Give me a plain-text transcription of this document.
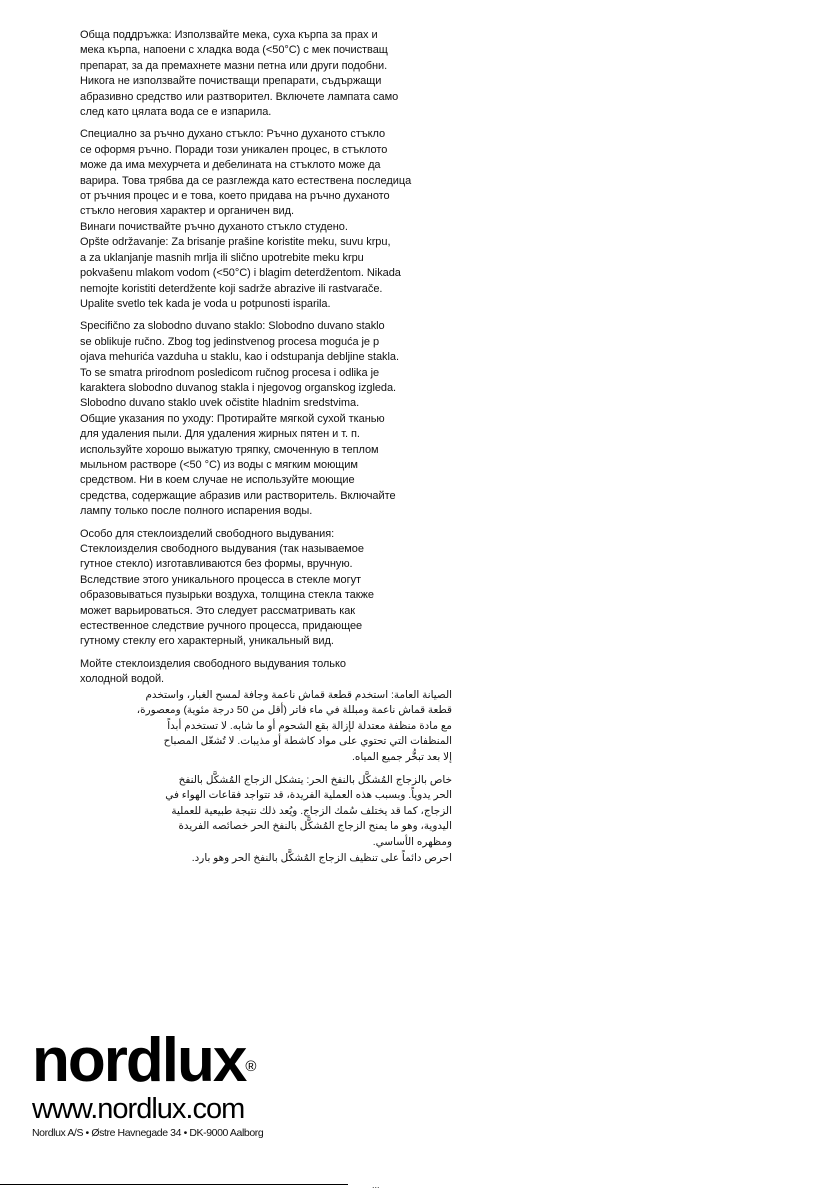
Обща поддръжка: Използвайте мека, суха кърпа за прах и
мека кърпа, напоени с хладка вода (<50°C) с мек почистващ
препарат, за да премахнете мазни петна или други подобни.
Никога не използвайте почистващи препарати, съдържащи
абразивно средство или разтворител. Включете лампата само
след като цялата вода се е изпарила.

Специално за ръчно духано стъкло: Ръчно духаното стъкло
се оформя ръчно. Поради този уникален процес, в стъклото
може да има мехурчета и дебелината на стъклото може да
варира. Това трябва да се разглежда като естествена последица
от ръчния процес и е това, което придава на ръчно духаното
стъкло неговия характер и органичен вид.

Винаги почиствайте ръчно духаното стъкло студено.

Opšte održavanje: Za brisanje prašine koristite meku, suvu krpu,
a za uklanjanje masnih mrlja ili slično upotrebite meku krpu
pokvašenu mlakom vodom (<50°C) i blagim deterdžentom. Nikada
nemojte koristiti deterdžente koji sadrže abrazive ili rastvarače.
Upalite svetlo tek kada je voda u potpunosti isparila.

Specifično za slobodno duvano staklo: Slobodno duvano staklo
se oblikuje ručno. Zbog tog jedinstvenog procesa moguća je p
ojava mehurića vazduha u staklu, kao i odstupanja debljine stakla.
To se smatra prirodnom posledicom ručnog procesa i odlika je
karaktera slobodno duvanog stakla i njegovog organskog izgleda.

Slobodno duvano staklo uvek očistite hladnim sredstvima.

Общие указания по уходу: Протирайте мягкой сухой тканью
для удаления пыли. Для удаления жирных пятен и т. п.
используйте хорошо выжатую тряпку, смоченную в теплом
мыльном растворе (<50 °C) из воды с мягким моющим
средством. Ни в коем случае не используйте моющие
средства, содержащие абразив или растворитель. Включайте
лампу только после полного испарения воды.

Особо для стеклоизделий свободного выдувания:
Стеклоизделия свободного выдувания (так называемое
гутное стекло) изготавливаются без формы, вручную.
Вследствие этого уникального процесса в стекле могут
образовываться пузырьки воздуха, толщина стекла также
может варьироваться. Это следует рассматривать как
естественное следствие ручного процесса, придающее
гутному стеклу его характерный, уникальный вид.

Мойте стеклоизделия свободного выдувания только
холодной водой.

الصيانة العامة: استخدم قطعة قماش ناعمة وجافة لمسح الغبار، واستخدم
قطعة قماش ناعمة ومبللة في ماء فاتر (أقل من 50 درجة مئوية) ومعصورة،
مع مادة منظفة معتدلة لإزالة بقع الشحوم أو ما شابه. لا تستخدم أبداً
المنظفات التي تحتوي على مواد كاشطة أو مذيبات. لا تُشغّل المصباح
إلا بعد تبخُّر جميع المياه.

خاص بالزجاج المُشكَّل بالنفخ الحر: يتشكل الزجاج المُشكَّل بالنفخ
الحر يدوياً. وبسبب هذه العملية الفريدة، قد تتواجد فقاعات الهواء في
الزجاج، كما قد يختلف سُمك الزجاج. ويُعد ذلك نتيجة طبيعية للعملية
اليدوية، وهو ما يمنح الزجاج المُشكَّل بالنفخ الحر خصائصه الفريدة
ومظهره الأساسي.

احرص دائماً على تنظيف الزجاج المُشكَّل بالنفخ الحر وهو بارد.

nordlux®
www.nordlux.com
Nordlux A/S • Østre Havnegade 34 • DK-9000 Aalborg
...
